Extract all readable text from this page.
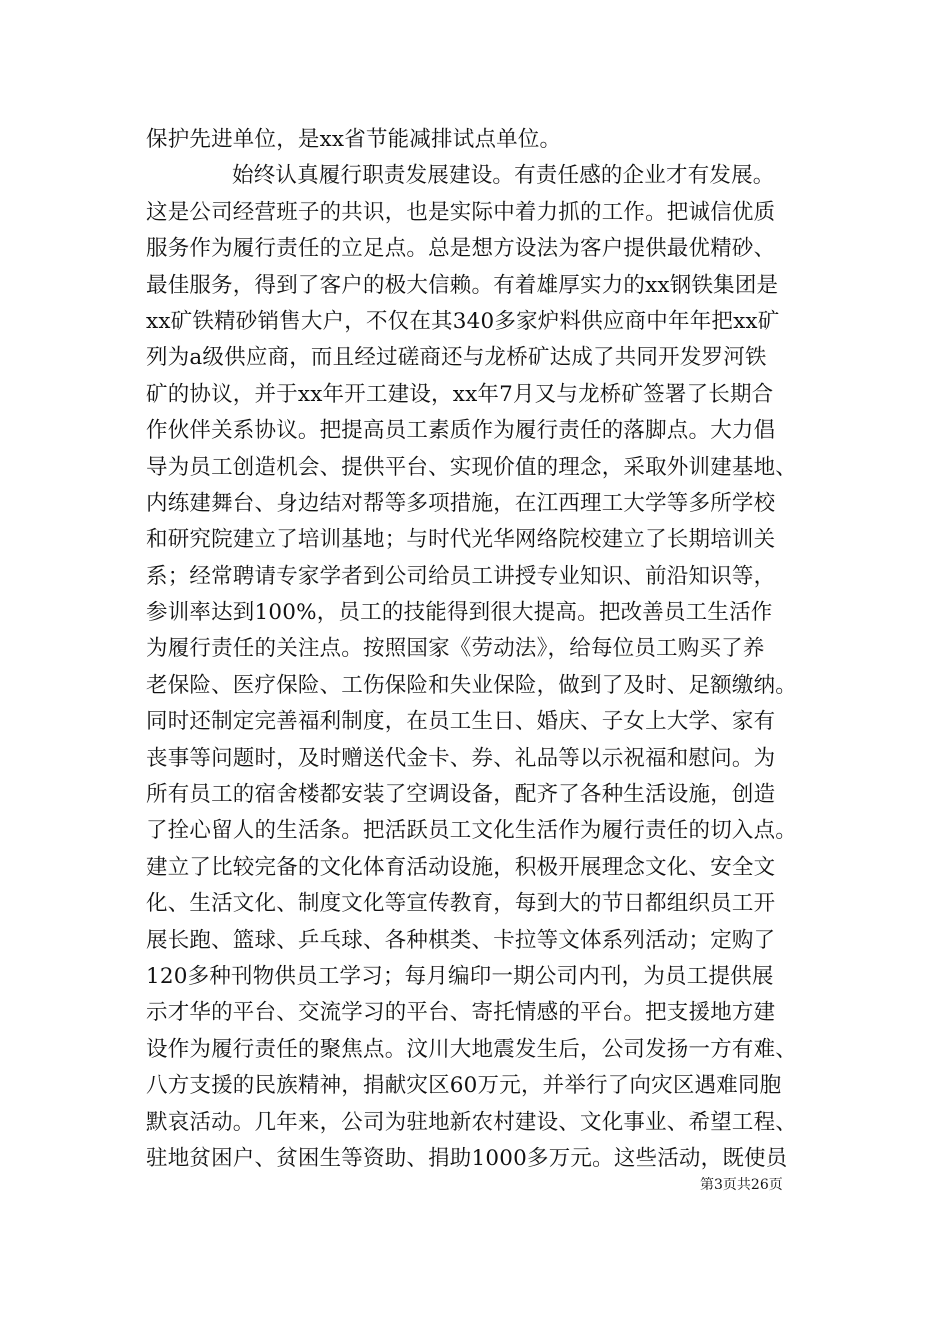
保护先进单位，是xx省节能减排试点单位。
始终认真履行职责发展建设。有责任感的企业才有发展。
这是公司经营班子的共识，也是实际中着力抓的工作。把诚信优质
服务作为履行责任的立足点。总是想方设法为客户提供最优精砂、
最佳服务，得到了客户的极大信赖。有着雄厚实力的xx钢铁集团是
xx矿铁精砂销售大户，不仅在其340多家炉料供应商中年年把xx矿
列为a级供应商，而且经过磋商还与龙桥矿达成了共同开发罗河铁
矿的协议，并于xx年开工建设，xx年7月又与龙桥矿签署了长期合
作伙伴关系协议。把提高员工素质作为履行责任的落脚点。大力倡
导为员工创造机会、提供平台、实现价值的理念，采取外训建基地、
内练建舞台、身边结对帮等多项措施，在江西理工大学等多所学校
和研究院建立了培训基地；与时代光华网络院校建立了长期培训关
系；经常聘请专家学者到公司给员工讲授专业知识、前沿知识等，
参训率达到100%，员工的技能得到很大提高。把改善员工生活作
为履行责任的关注点。按照国家《劳动法》，给每位员工购买了养
老保险、医疗保险、工伤保险和失业保险，做到了及时、足额缴纳。
同时还制定完善福利制度，在员工生日、婚庆、子女上大学、家有
丧事等问题时，及时赠送代金卡、券、礼品等以示祝福和慰问。为
所有员工的宿舍楼都安装了空调设备，配齐了各种生活设施，创造
了拴心留人的生活条。把活跃员工文化生活作为履行责任的切入点。
建立了比较完备的文化体育活动设施，积极开展理念文化、安全文
化、生活文化、制度文化等宣传教育，每到大的节日都组织员工开
展长跑、篮球、乒乓球、各种棋类、卡拉等文体系列活动；定购了
120多种刊物供员工学习；每月编印一期公司内刊，为员工提供展
示才华的平台、交流学习的平台、寄托情感的平台。把支援地方建
设作为履行责任的聚焦点。汶川大地震发生后，公司发扬一方有难、
八方支援的民族精神，捐献灾区60万元，并举行了向灾区遇难同胞
默哀活动。几年来，公司为驻地新农村建设、文化事业、希望工程、
驻地贫困户、贫困生等资助、捐助1000多万元。这些活动，既使员
第3页共26页
